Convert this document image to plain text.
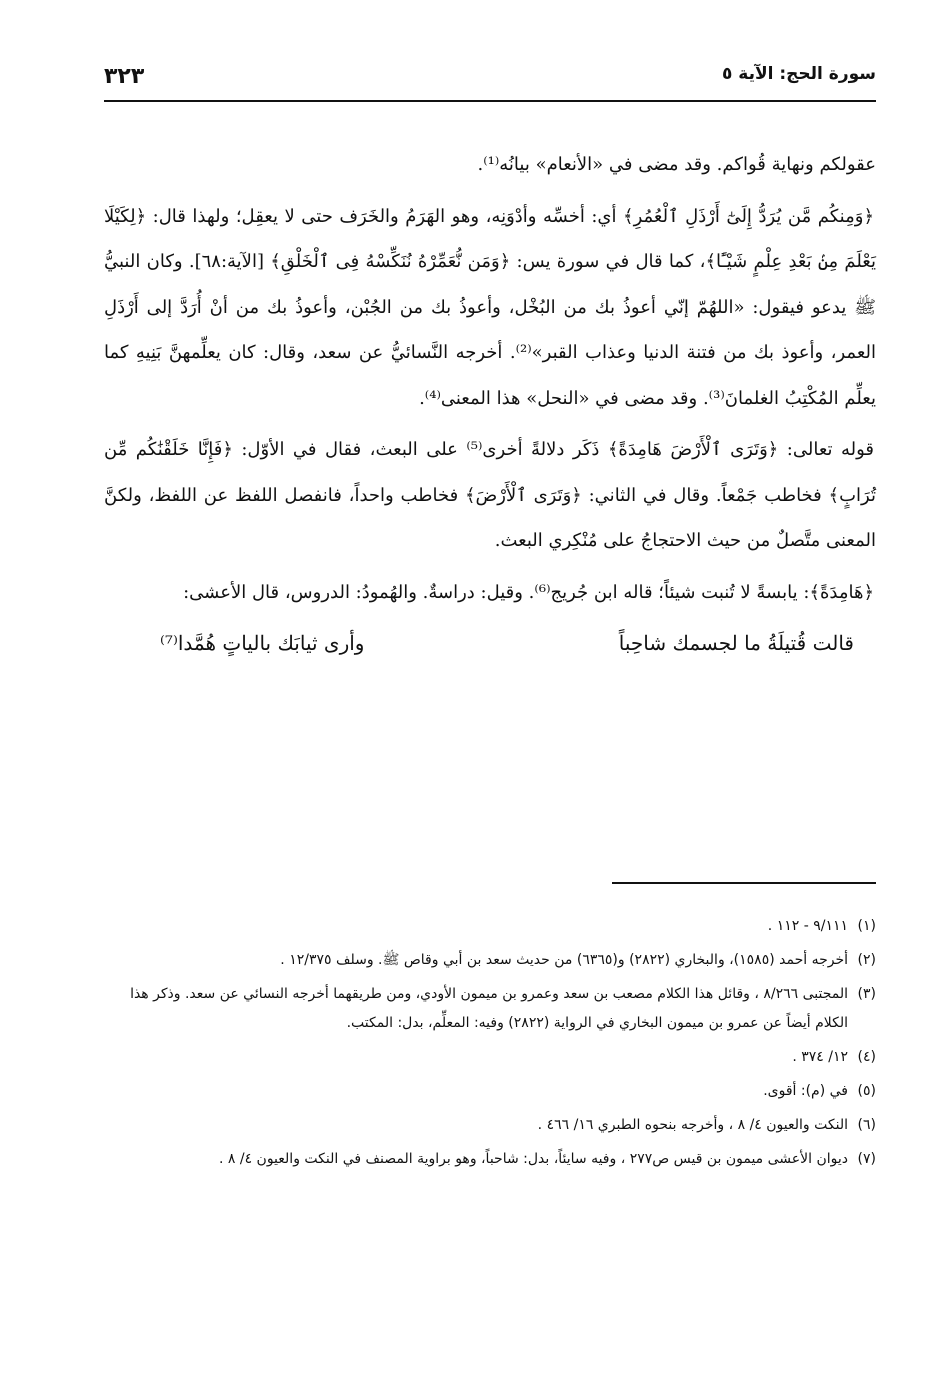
سورة الحج: الآية ٥
٣٢٣

عقولكم ونهاية قُواكم. وقد مضى في «الأنعام» بيانُه⁽¹⁾.

﴿وَمِنكُم مَّن يُرَدُّ إِلَىٰٓ أَرْذَلِ ٱلْعُمُرِ﴾ أي: أخسِّه وأدْوَنِه، وهو الهَرَمُ والخَرَف حتى لا يعقِل؛ ولهذا قال: ﴿لِكَيْلَا يَعْلَمَ مِنۢ بَعْدِ عِلْمٍ شَيْـًٔا﴾، كما قال في سورة يس: ﴿وَمَن نُّعَمِّرْهُ نُنَكِّسْهُ فِى ٱلْخَلْقِ﴾ [الآية:٦٨]. وكان النبيُّ ﷺ يدعو فيقول: «اللهُمّ إنّي أعوذُ بك من البُخْل، وأعوذُ بك من الجُبْن، وأعوذُ بك من أنْ أُرَدَّ إلى أَرْذَلِ العمر، وأعوذ بك من فتنة الدنيا وعذاب القبر»⁽²⁾. أخرجه النَّسائيُّ عن سعد، وقال: كان يعلِّمهنَّ بَنِيهِ كما يعلِّم المُكْتِبُ الغلمانَ⁽³⁾. وقد مضى في «النحل» هذا المعنى⁽⁴⁾.

قوله تعالى: ﴿وَتَرَى ٱلْأَرْضَ هَامِدَةً﴾ ذَكَر دلالةً أخرى⁽⁵⁾ على البعث، فقال في الأوّل: ﴿فَإِنَّا خَلَقْنَٰكُم مِّن تُرَابٍ﴾ فخاطب جَمْعاً. وقال في الثاني: ﴿وَتَرَى ٱلْأَرْضَ﴾ فخاطب واحداً، فانفصل اللفظ عن اللفظ، ولكنَّ المعنى متَّصلٌ من حيث الاحتجاجُ على مُنْكِري البعث.

﴿هَامِدَةً﴾: يابسةً لا تُنبت شيئاً؛ قاله ابن جُريج⁽⁶⁾. وقيل: دراسةٌ. والهُمودُ: الدروس، قال الأعشى:

قالت قُتيلَةُ ما لجسمك شاحِباً
وأرى ثيابَك بالياتٍ هُمَّدا⁽⁷⁾
(١)
٩/١١١ - ١١٢ .
(٢)
أخرجه أحمد (١٥٨٥)، والبخاري (٢٨٢٢) و(٦٣٦٥) من حديث سعد بن أبي وقاص ﷺ. وسلف ١٢/٣٧٥ .
(٣)
المجتبى ٨/٢٦٦ ، وقائل هذا الكلام مصعب بن سعد وعمرو بن ميمون الأودي، ومن طريقهما أخرجه النسائي عن سعد. وذكر هذا الكلام أيضاً عن عمرو بن ميمون البخاري في الرواية (٢٨٢٢) وفيه: المعلِّم، بدل: المكتب.
(٤)
١٢/ ٣٧٤ .
(٥)
في (م): أقوى.
(٦)
النكت والعيون ٤/ ٨ ، وأخرجه بنحوه الطبري ١٦/ ٤٦٦ .
(٧)
ديوان الأعشى ميمون بن قيس ص٢٧٧ ، وفيه سايئاً، بدل: شاحباً، وهو براوية المصنف في النكت والعيون ٤/ ٨ .
